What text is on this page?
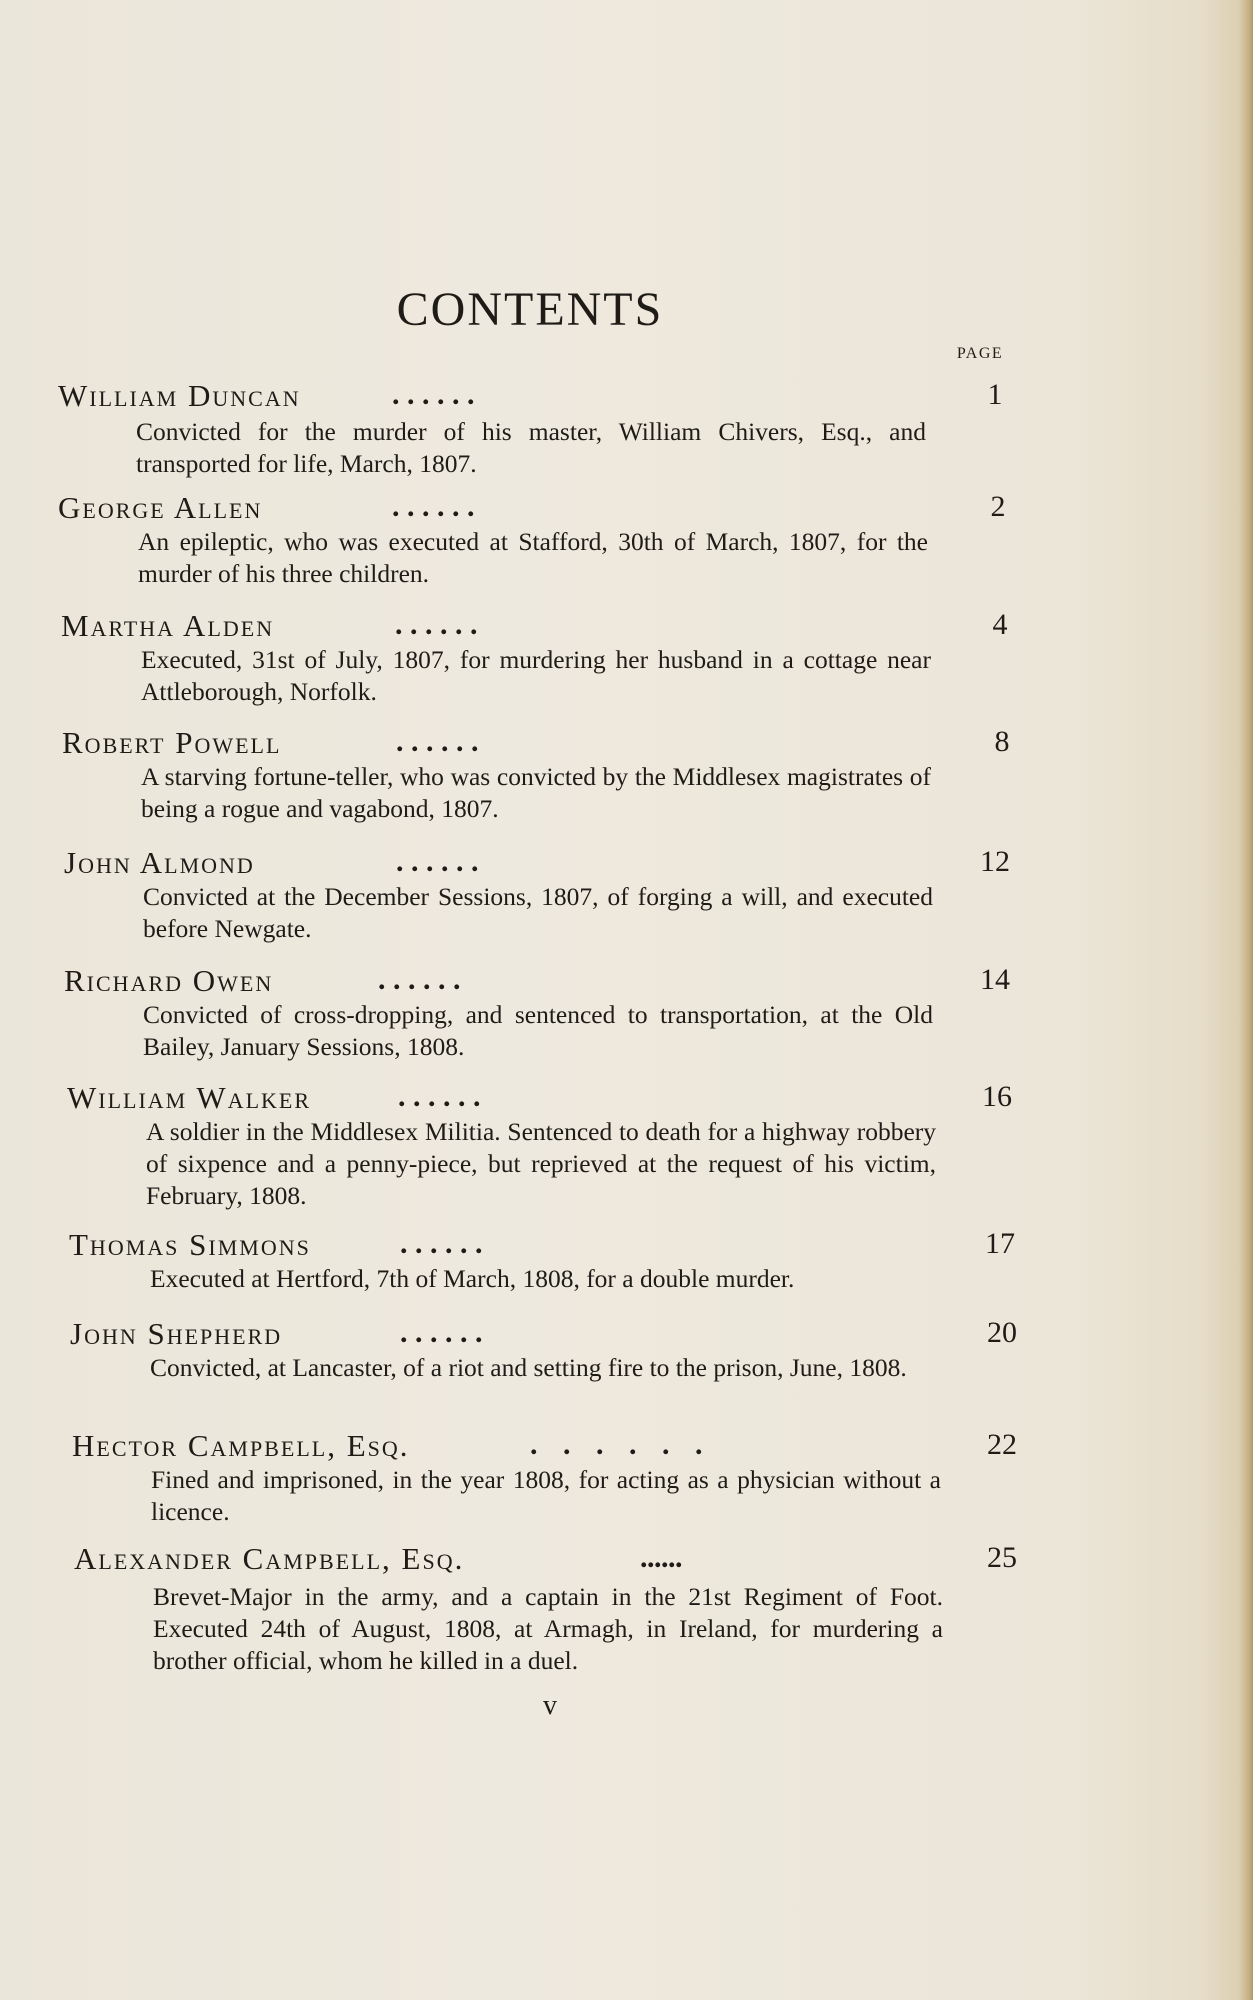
CONTENTS
PAGE
William Duncan	. . . . . .	1
Convicted for the murder of his master, William Chivers, Esq., and transported for life, March, 1807.
George Allen	. . . . . .	2
An epileptic, who was executed at Stafford, 30th of March, 1807, for the murder of his three children.
Martha Alden	. . . . . .	4
Executed, 31st of July, 1807, for murdering her husband in a cottage near Attleborough, Norfolk.
Robert Powell	. . . . . .	8
A starving fortune-teller, who was convicted by the Middlesex magistrates of being a rogue and vagabond, 1807.
John Almond	. . . . . .	12
Convicted at the December Sessions, 1807, of forging a will, and executed before Newgate.
Richard Owen	. . . . . .	14
Convicted of cross-dropping, and sentenced to transportation, at the Old Bailey, January Sessions, 1808.
William Walker	. . . . . .	16
A soldier in the Middlesex Militia. Sentenced to death for a highway robbery of sixpence and a penny-piece, but reprieved at the request of his victim, February, 1808.
Thomas Simmons	. . . . . .	17
Executed at Hertford, 7th of March, 1808, for a double murder.
John Shepherd	. . . . . .	20
Convicted, at Lancaster, of a riot and setting fire to the prison, June, 1808.
Hector Campbell, Esq.	. . . . . .	22
Fined and imprisoned, in the year 1808, for acting as a physician without a licence.
Alexander Campbell, Esq.	. . . . . .	25
Brevet-Major in the army, and a captain in the 21st Regiment of Foot. Executed 24th of August, 1808, at Armagh, in Ireland, for murdering a brother official, whom he killed in a duel.
v
